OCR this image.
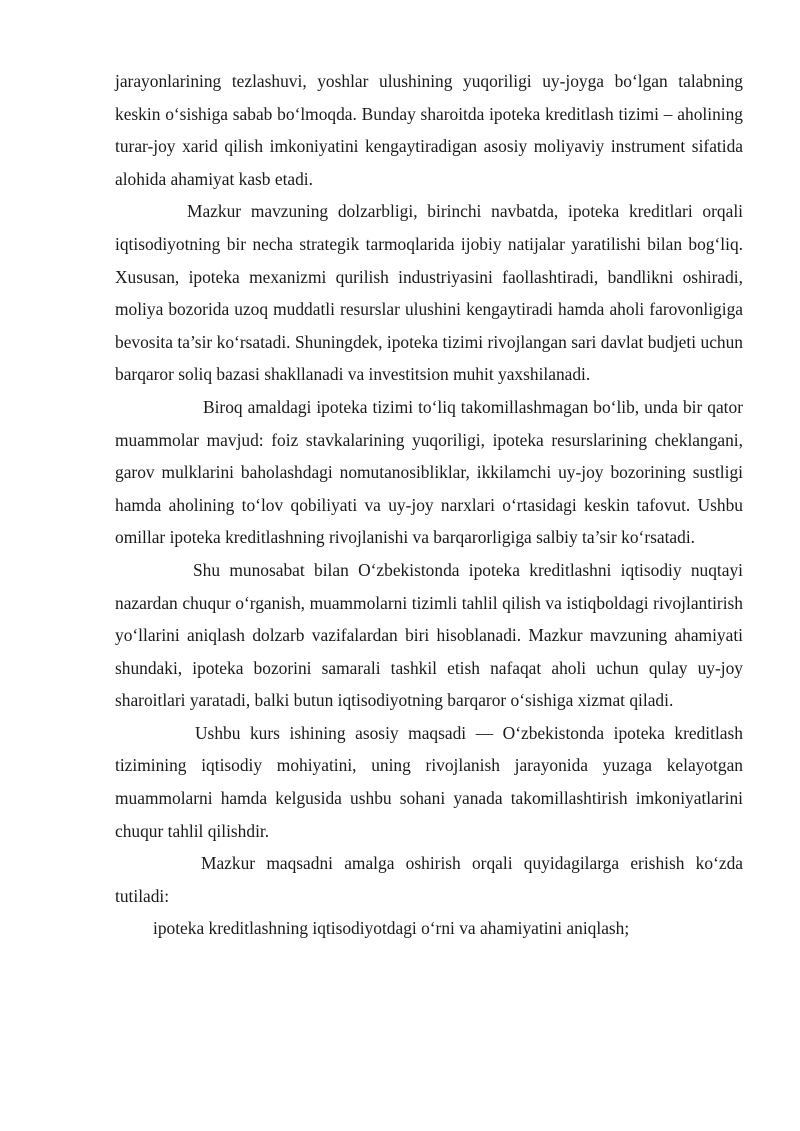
jarayonlarining tezlashuvi, yoshlar ulushining yuqoriligi uy-joyga bo‘lgan talabning keskin o‘sishiga sabab bo‘lmoqda. Bunday sharoitda ipoteka kreditlash tizimi – aholining turar-joy xarid qilish imkoniyatini kengaytiradigan asosiy moliyaviy instrument sifatida alohida ahamiyat kasb etadi.

Mazkur mavzuning dolzarbligi, birinchi navbatda, ipoteka kreditlari orqali iqtisodiyotning bir necha strategik tarmoqlarida ijobiy natijalar yaratilishi bilan bog‘liq. Xususan, ipoteka mexanizmi qurilish industriyasini faollashtiradi, bandlikni oshiradi, moliya bozorida uzoq muddatli resurslar ulushini kengaytiradi hamda aholi farovonligiga bevosita ta’sir ko‘rsatadi. Shuningdek, ipoteka tizimi rivojlangan sari davlat budjeti uchun barqaror soliq bazasi shakllanadi va investitsion muhit yaxshilanadi.

Biroq amaldagi ipoteka tizimi to‘liq takomillashmagan bo‘lib, unda bir qator muammolar mavjud: foiz stavkalarining yuqoriligi, ipoteka resurslarining cheklangani, garov mulklarini baholashdagi nomutanosibliklar, ikkilamchi uy-joy bozorining sustligi hamda aholining to‘lov qobiliyati va uy-joy narxlari o‘rtasidagi keskin tafovut. Ushbu omillar ipoteka kreditlashning rivojlanishi va barqarorligiga salbiy ta’sir ko‘rsatadi.

Shu munosabat bilan O‘zbekistonda ipoteka kreditlashni iqtisodiy nuqtayi nazardan chuqur o‘rganish, muammolarni tizimli tahlil qilish va istiqboldagi rivojlantirish yo‘llarini aniqlash dolzarb vazifalardan biri hisoblanadi. Mazkur mavzuning ahamiyati shundaki, ipoteka bozorini samarali tashkil etish nafaqat aholi uchun qulay uy-joy sharoitlari yaratadi, balki butun iqtisodiyotning barqaror o‘sishiga xizmat qiladi.

Ushbu kurs ishining asosiy maqsadi — O‘zbekistonda ipoteka kreditlash tizimining iqtisodiy mohiyatini, uning rivojlanish jarayonida yuzaga kelayotgan muammolarni hamda kelgusida ushbu sohani yanada takomillashtirish imkoniyatlarini chuqur tahlil qilishdir.

Mazkur maqsadni amalga oshirish orqali quyidagilarga erishish ko‘zda tutiladi:

ipoteka kreditlashning iqtisodiyotdagi o‘rni va ahamiyatini aniqlash;
